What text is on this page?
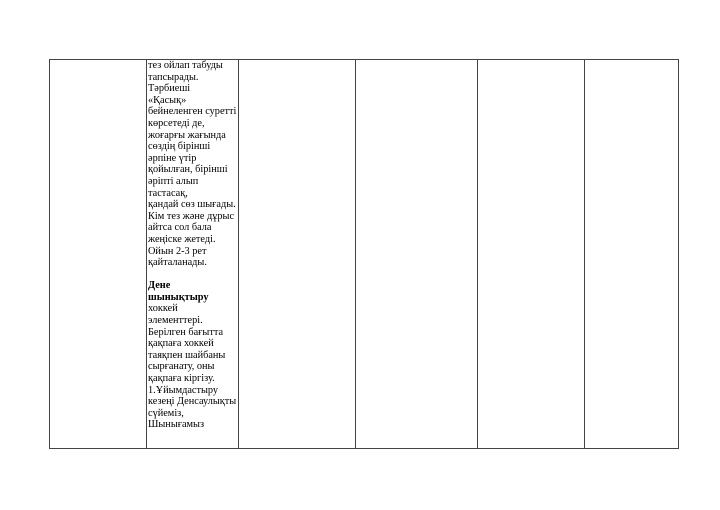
тез ойлап табуды
тапсырады.
Тәрбиеші
«Қасық»
бейнеленген суретті
көрсетеді де,
жоғарғы жағында
сөздің бірінші
әрпіне үтір
қойылған, бірінші
әріпті алып
тастасақ,
қандай сөз шығады.
Кім тез және дұрыс
айтса сол бала
жеңіске жетеді.
Ойын 2-3 рет
қайталанады.
Дене
шынықтыру
хоккей
элементтері.
Берілген бағытта
қақпаға хоккей
таяқпен шайбаны
сырғанату, оны
қақпаға кіргізу.
1.Ұйымдастыру
кезеңі Денсаулықты
сүйеміз,
Шынығамыз
